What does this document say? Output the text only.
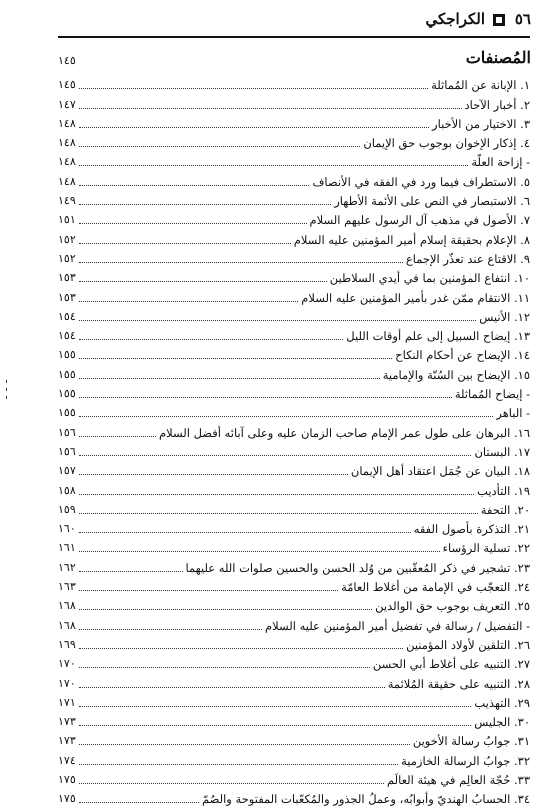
٥٦
الكراجكي
المُصنفات
١٤٥
١. الإبانة عن المُماثلة
١٤٥
٢. أخبار الآحاد
١٤٧
٣. الاختيار من الأخبار
١٤٨
٤. إذكار الإخوان بوجوب حق الإيمان
١٤٨
- إزاحة العلّة
١٤٨
٥. الاستطراف فيما ورد في الفقه في الأنصاف
١٤٨
٦. الاستبصار في النص على الأئمة الأطهار
١٤٩
٧. الأصول في مذهب آل الرسول عليهم السلام
١٥١
٨. الإعلام بحقيقة إسلام أمير المؤمنين عليه السلام
١٥٢
٩. الاقتاع عند تعذّر الإجماع
١٥٢
١٠. انتفاع المؤمنين بما في أيدي السلاطين
١٥٣
١١. الانتقام ممّن غدر بأمير المؤمنين عليه السلام
١٥٣
١٢. الأنيس
١٥٤
١٣. إيضاح السبيل إلى علم أوقات الليل
١٥٤
١٤. الإيضاح عن أحكام النكاح
١٥٥
١٥. الإيضاح بين السُنّة والإمامية
١٥٥
- إيضاح المُماثلة
١٥٥
- الباهر
١٥٥
١٦. البرهان على طول عمر الإمام صاحب الزمان عليه وعلى آبائه أفضل السلام
١٥٦
١٧. البستان
١٥٦
١٨. البيان عن جُمَل اعتقاد أهل الإيمان
١٥٧
١٩. التأديب
١٥٨
٢٠. التحفة
١٥٩
٢١. التذكرة بأصول الفقه
١٦٠
٢٢. تسلية الرؤساء
١٦١
٢٣. تشجير في ذكر المُعقّبين من وُلد الحسن والحسين صلوات الله عليهما
١٦٢
٢٤. التعجّب في الإمامة من أغلاط العامّة
١٦٣
٢٥. التعريف بوجوب حق الوالدين
١٦٨
- التفضيل / رسالة في تفضيل أمير المؤمنين عليه السلام
١٦٨
٢٦. التلقين لأولاد المؤمنين
١٦٩
٢٧. التنبيه على أغلاط أبي الحسن
١٧٠
٢٨. التنبيه على حقيقة المُلائمة
١٧٠
٢٩. التهذيب
١٧١
٣٠. الجليس
١٧٣
٣١. جوابُ رسالة الأخوين
١٧٣
٣٢. جوابُ الرسالة الخازمية
١٧٤
٣٣. حُجّة العالِم في هيئة العالَم
١٧٥
٣٤. الحسابُ الهنديّ وأبوابُه، وعملُ الجذور والمُكعّبات المفتوحة والصُمّ
١٧٥
